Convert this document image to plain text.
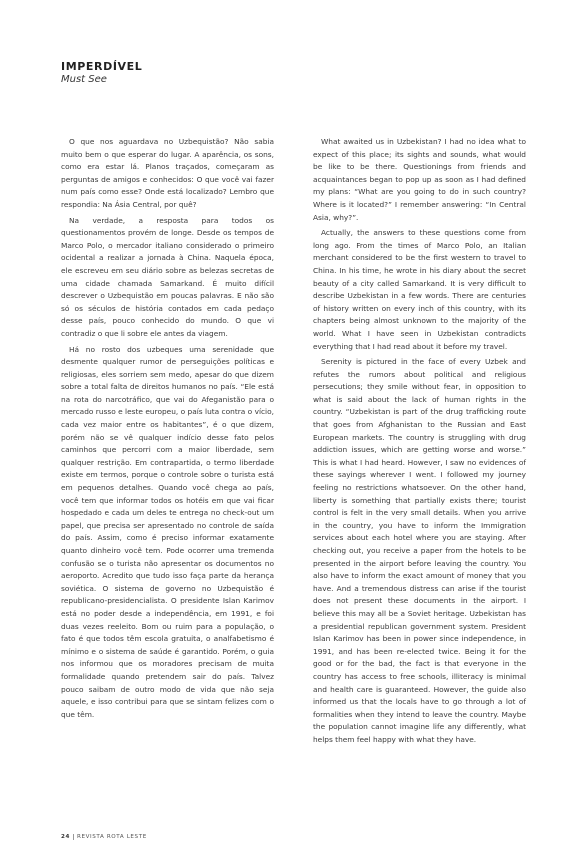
IMPERDÍVEL
Must See

O que nos aguardava no Uzbequistão? Não sabia muito bem o que esperar do lugar. A aparência, os sons, como era estar lá. Planos traçados, começaram as perguntas de amigos e conhecidos: O que você vai fazer num país como esse? Onde está localizado? Lembro que respondia: Na Ásia Central, por quê?

Na verdade, a resposta para todos os questionamentos provém de longe. Desde os tempos de Marco Polo, o mercador italiano considerado o primeiro ocidental a realizar a jornada à China. Naquela época, ele escreveu em seu diário sobre as belezas secretas de uma cidade chamada Samarkand. É muito difícil descrever o Uzbequistão em poucas palavras. E não são só os séculos de história contados em cada pedaço desse país, pouco conhecido do mundo. O que vi contradiz o que li sobre ele antes da viagem.

Há no rosto dos uzbeques uma serenidade que desmente qualquer rumor de perseguições políticas e religiosas, eles sorriem sem medo, apesar do que dizem sobre a total falta de direitos humanos no país. “Ele está na rota do narcotráfico, que vai do Afeganistão para o mercado russo e leste europeu, o país luta contra o vício, cada vez maior entre os habitantes”, é o que dizem, porém não se vê qualquer indício desse fato pelos caminhos que percorri com a maior liberdade, sem qualquer restrição. Em contrapartida, o termo liberdade existe em termos, porque o controle sobre o turista está em pequenos detalhes. Quando você chega ao país, você tem que informar todos os hotéis em que vai ficar hospedado e cada um deles te entrega no check-out um papel, que precisa ser apresentado no controle de saída do país. Assim, como é preciso informar exatamente quanto dinheiro você tem. Pode ocorrer uma tremenda confusão se o turista não apresentar os documentos no aeroporto. Acredito que tudo isso faça parte da herança soviética. O sistema de governo no Uzbequistão é republicano-presidencialista. O presidente Islan Karimov está no poder desde a independência, em 1991, e foi duas vezes reeleito. Bom ou ruim para a população, o fato é que todos têm escola gratuita, o analfabetismo é mínimo e o sistema de saúde é garantido. Porém, o guia nos informou que os moradores precisam de muita formalidade quando pretendem sair do país. Talvez pouco saibam de outro modo de vida que não seja aquele, e isso contribui para que se sintam felizes com o que têm.

What awaited us in Uzbekistan? I had no idea what to expect of this place; its sights and sounds, what would be like to be there. Questionings from friends and acquaintances began to pop up as soon as I had defined my plans: “What are you going to do in such country? Where is it located?” I remember answering: “In Central Asia, why?”.

Actually, the answers to these questions come from long ago. From the times of Marco Polo, an Italian merchant considered to be the first western to travel to China. In his time, he wrote in his diary about the secret beauty of a city called Samarkand. It is very difficult to describe Uzbekistan in a few words. There are centuries of history written on every inch of this country, with its chapters being almost unknown to the majority of the world. What I have seen in Uzbekistan contradicts everything that I had read about it before my travel.

Serenity is pictured in the face of every Uzbek and refutes the rumors about political and religious persecutions; they smile without fear, in opposition to what is said about the lack of human rights in the country. “Uzbekistan is part of the drug trafficking route that goes from Afghanistan to the Russian and East European markets. The country is struggling with drug addiction issues, which are getting worse and worse.” This is what I had heard. However, I saw no evidences of these sayings wherever I went. I followed my journey feeling no restrictions whatsoever. On the other hand, liberty is something that partially exists there; tourist control is felt in the very small details. When you arrive in the country, you have to inform the Immigration services about each hotel where you are staying. After checking out, you receive a paper from the hotels to be presented in the airport before leaving the country. You also have to inform the exact amount of money that you have. And a tremendous distress can arise if the tourist does not present these documents in the airport. I believe this may all be a Soviet heritage. Uzbekistan has a presidential republican government system. President Islan Karimov has been in power since independence, in 1991, and has been re-elected twice. Being it for the good or for the bad, the fact is that everyone in the country has access to free schools, illiteracy is minimal and health care is guaranteed. However, the guide also informed us that the locals have to go through a lot of formalities when they intend to leave the country. Maybe the population cannot imagine life any differently, what helps them feel happy with what they have.

24 REVISTA ROTA LESTE
